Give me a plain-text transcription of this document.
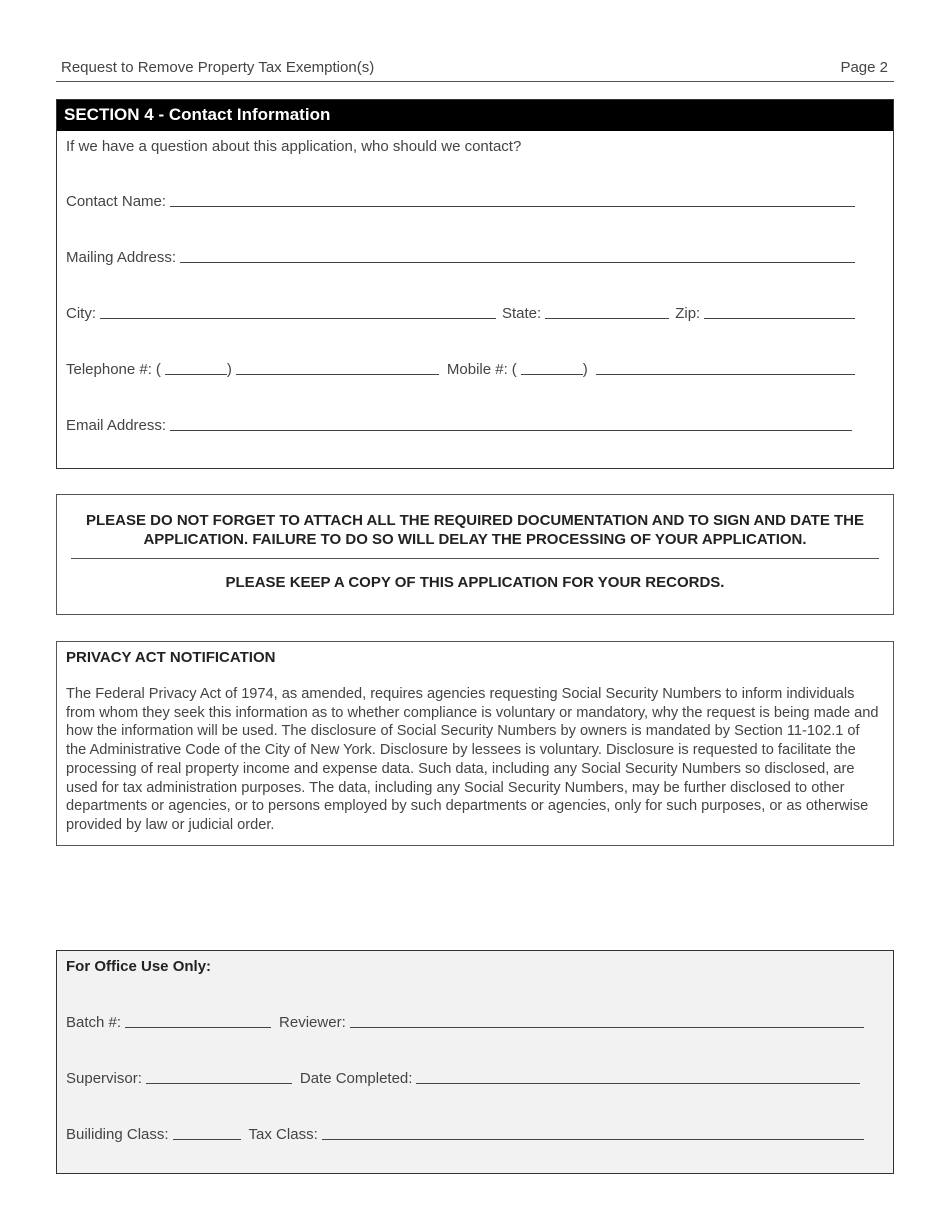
Request to Remove Property Tax Exemption(s)	Page 2
SECTION 4 - Contact Information
If we have a question about this application, who should we contact?
Contact Name:
Mailing Address:
City:	State:	Zip:
Telephone #: (	)	Mobile #: (	)
Email Address:
PLEASE DO NOT FORGET TO ATTACH ALL THE REQUIRED DOCUMENTATION AND TO SIGN AND DATE THE APPLICATION. FAILURE TO DO SO WILL DELAY THE PROCESSING OF YOUR APPLICATION.
PLEASE KEEP A COPY OF THIS APPLICATION FOR YOUR RECORDS.
PRIVACY ACT NOTIFICATION
The Federal Privacy Act of 1974, as amended, requires agencies requesting Social Security Numbers to inform individuals from whom they seek this information as to whether compliance is voluntary or mandatory, why the request is being made and how the information will be used. The disclosure of Social Security Numbers by owners is mandated by Section 11-102.1 of the Administrative Code of the City of New York. Disclosure by lessees is voluntary. Disclosure is requested to facilitate the processing of real property income and expense data. Such data, including any Social Security Numbers so disclosed, are used for tax administration purposes. The data, including any Social Security Numbers, may be further disclosed to other departments or agencies, or to persons employed by such departments or agencies, only for such purposes, or as otherwise provided by law or judicial order.
For Office Use Only:
Batch #:	Reviewer:
Supervisor:	Date Completed:
Builiding Class:	Tax Class:
